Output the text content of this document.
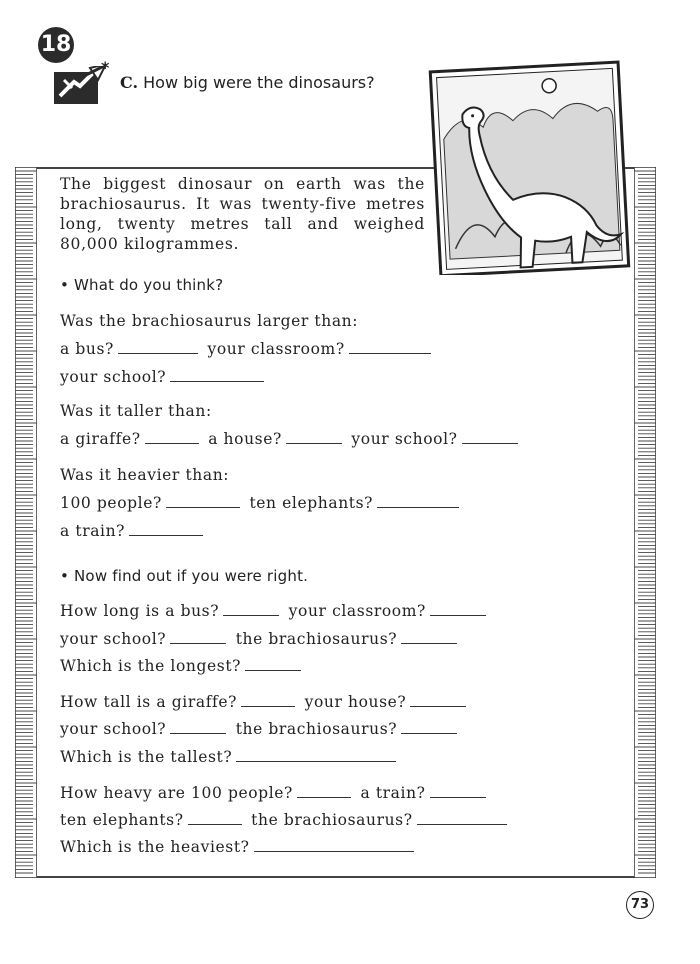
18
*
C. How big were the dinosaurs?
The biggest dinosaur on earth was the brachiosaurus. It was twenty-five metres long, twenty metres tall and weighed 80,000 kilogrammes.
• What do you think?
Was the brachiosaurus larger than:
a bus?	your classroom?
your school?
Was it taller than:
a giraffe?	a house?	your school?
Was it heavier than:
100 people?	ten elephants?
a train?
• Now find out if you were right.
How long is a bus?	your classroom?
your school?	the brachiosaurus?
Which is the longest?
How tall is a giraffe?	your house?
your school?	the brachiosaurus?
Which is the tallest?
How heavy are 100 people?	a train?
ten elephants?	the brachiosaurus?
Which is the heaviest?
73
